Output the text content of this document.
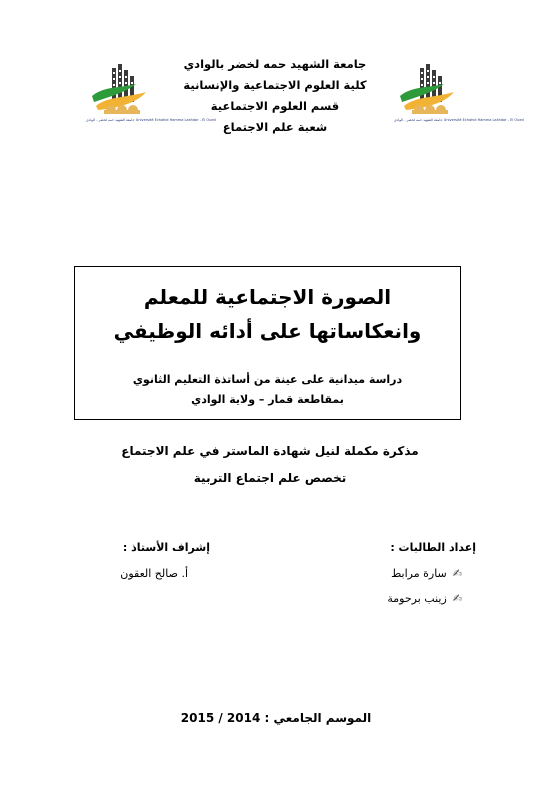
جامعة الشهيد حمه لخضر - الوادي Université Echahid Hamma Lakhdar - El Oued	جامعة الشهيد حمه لخضر - الوادي Université Echahid Hamma Lakhdar - El Oued
جامعة الشهيد حمه لخضر بالوادي
كلية العلوم الاجتماعية والإنسانية
قسم العلوم الاجتماعية
شعبة علم الاجتماع
الصورة الاجتماعية للمعلم
وانعكاساتها على أدائه الوظيفي
دراسة ميدانية على عينة من أساتذة التعليم الثانوي
بمقاطعة قمار – ولاية الوادي
مذكرة مكملة لنيل شهادة الماستر في علم الاجتماع
تخصص علم اجتماع التربية
إعداد الطالبات :
✍
سارة مرابط
✍
زينب برحومة
إشراف الأستاذ :
أ. صالح العقون
الموسم الجامعي : 2015 / 2014
